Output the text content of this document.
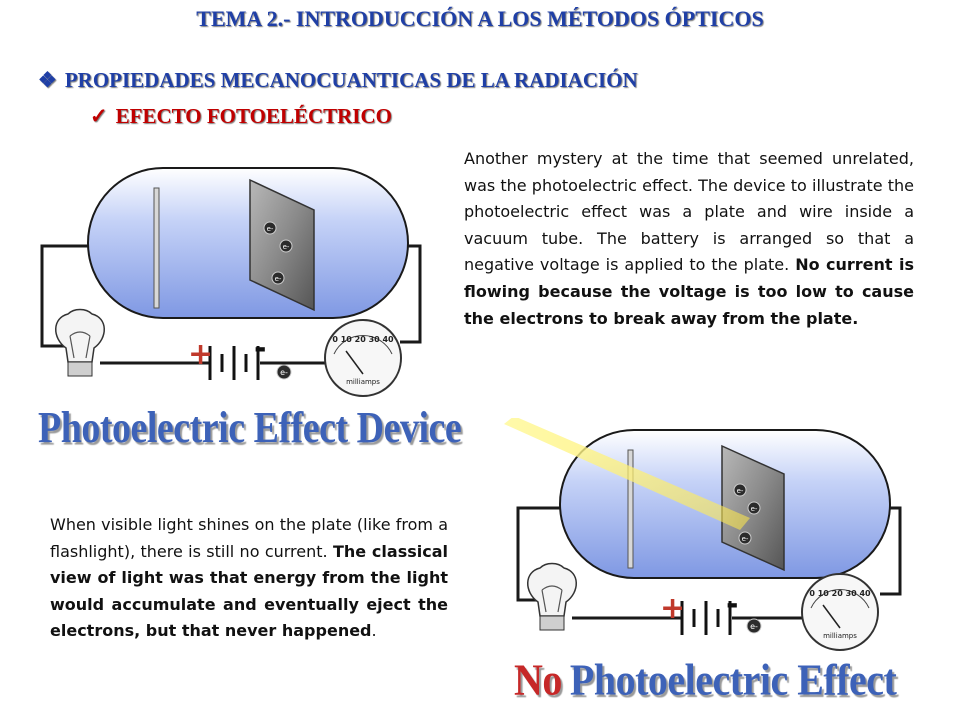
TEMA 2.- INTRODUCCIÓN A LOS MÉTODOS ÓPTICOS
❖ PROPIEDADES MECANOCUANTICAS DE LA RADIACIÓN
✓ EFECTO FOTOELÉCTRICO
e-
e-
e-
+ -
e-
0 10 20 30 40
milliamps
Photoelectric Effect Device
Another mystery at the time that seemed unrelated, was the photoelectric effect. The device to illustrate the photoelectric effect was a plate and wire inside a vacuum tube. The battery is arranged so that a negative voltage is applied to the plate. No current is flowing because the voltage is too low to cause the electrons to break away from the plate.
When visible light shines on the plate (like from a flashlight), there is still no current. The classical view of light was that energy from the light would accumulate and eventually eject the electrons, but that never happened.
e-
e-
e-
+ -
e-
0 10 20 30 40
milliamps
No Photoelectric Effect
